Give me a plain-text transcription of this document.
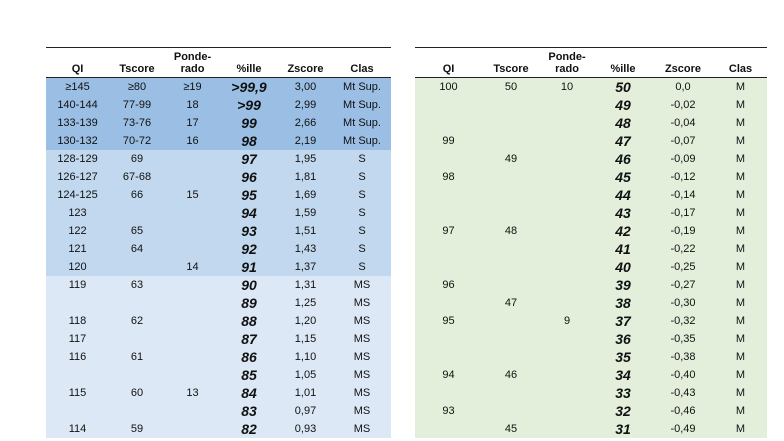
		Ponde-			
QI	Tscore	rado	%ille	Zscore	Clas
≥145	≥80	≥19	>99,9	3,00	Mt Sup.
140-144	77-99	18	>99	2,99	Mt Sup.
133-139	73-76	17	99	2,66	Mt Sup.
130-132	70-72	16	98	2,19	Mt Sup.
128-129	69		97	1,95	S
126-127	67-68		96	1,81	S
124-125	66	15	95	1,69	S
123			94	1,59	S
122	65		93	1,51	S
121	64		92	1,43	S
120		14	91	1,37	S
119	63		90	1,31	MS
			89	1,25	MS
118	62		88	1,20	MS
117			87	1,15	MS
116	61		86	1,10	MS
			85	1,05	MS
115	60	13	84	1,01	MS
			83	0,97	MS
114	59		82	0,93	MS
		Ponde-			
QI	Tscore	rado	%ille	Zscore	Clas
100	50	10	50	0,0	M
			49	-0,02	M
			48	-0,04	M
99			47	-0,07	M
	49		46	-0,09	M
98			45	-0,12	M
			44	-0,14	M
			43	-0,17	M
97	48		42	-0,19	M
			41	-0,22	M
			40	-0,25	M
96			39	-0,27	M
	47		38	-0,30	M
95		9	37	-0,32	M
			36	-0,35	M
			35	-0,38	M
94	46		34	-0,40	M
			33	-0,43	M
93			32	-0,46	M
	45		31	-0,49	M
